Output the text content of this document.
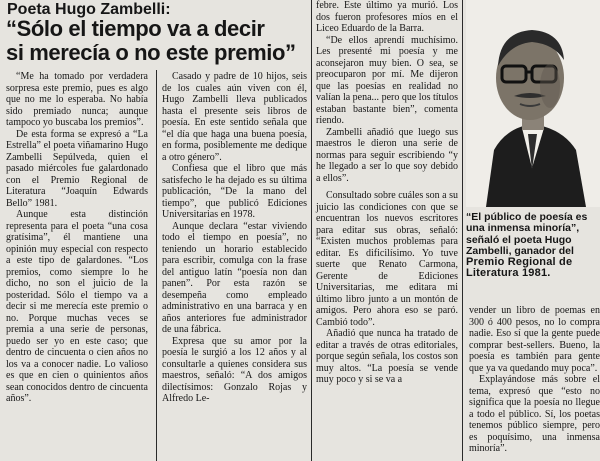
Poeta Hugo Zambelli:
“Sólo el tiempo va a decir
si merecía o no este premio”

“Me ha tomado por verdadera sorpresa este premio, pues es algo que no me lo esperaba. No había sido premiado nunca; aunque tampoco yo buscaba los premios”.

De esta forma se expresó a “La Estrella” el poeta viñamarino Hugo Zambelli Sepúlveda, quien el pasado miércoles fue galardonado con el Premio Regional de Literatura “Joaquín Edwards Bello” 1981.

Aunque esta distinción representa para el poeta “una cosa gratísima”, él mantiene una opinión muy especial con respecto a este tipo de galardones. “Los premios, como siempre lo he dicho, no son el juicio de la posteridad. Sólo el tiempo va a decir si me merecía este premio o no. Porque muchas veces se premia a una serie de personas, puedo ser yo en este caso; que dentro de cincuenta o cien años no los va a conocer nadie. Lo valioso es que en cien o quinientos años sean conocidos dentro de cincuenta años”.

Casado y padre de 10 hijos, seis de los cuales aún viven con él, Hugo Zambelli lleva publicados hasta el presente seis libros de poesía. En este sentido señala que “el día que haga una buena poesía, en forma, posiblemente me dedique a otro género”.

Confiesa que el libro que más satisfecho le ha dejado es su última publicación, “De la mano del tiempo”, que publicó Ediciones Universitarias en 1978.

Aunque declara “estar viviendo todo el tiempo en poesía”, no teniendo un horario establecido para escribir, comulga con la frase del antiguo latín “poesía non dan panen”. Por esta razón se desempeña como empleado administrativo en una barraca y en años anteriores fue administrador de una fábrica.

Expresa que su amor por la poesía le surgió a los 12 años y al consultarle a quienes considera sus maestros, señaló: “A dos amigos dilectísimos: Gonzalo Rojas y Alfredo Le-

febre. Este último ya murió. Los dos fueron profesores míos en el Liceo Eduardo de la Barra.

“De ellos aprendí muchísimo. Les presenté mi poesía y me aconsejaron muy bien. O sea, se preocuparon por mí. Me dijeron que las poesías en realidad no valían la pena... pero que los títulos estaban bastante bien”, comenta riendo.

Zambelli añadió que luego sus maestros le dieron una serie de normas para seguir escribiendo “y he llegado a ser lo que soy debido a ellos”.

Consultado sobre cuáles son a su juicio las condiciones con que se encuentran los nuevos escritores para editar sus obras, señaló: “Existen muchos problemas para editar. Es dificilísimo. Yo tuve suerte que Renato Carmona, Gerente de Ediciones Universitarias, me editara mi último libro junto a un montón de amigos. Pero ahora eso se paró. Cambió todo”.

Añadió que nunca ha tratado de editar a través de otras editoriales, porque según señala, los costos son muy altos. “La poesía se vende muy poco y si se va a

“El público de poesía es una inmensa minoría”,
señaló el poeta Hugo Zambelli, ganador del
Premio Regional de Literatura 1981.

vender un libro de poemas en 300 ó 400 pesos, no lo compra nadie. Eso sí que la gente puede comprar best-sellers. Bueno, la poesía es también para gente que ya va quedando muy poca”.

Explayándose más sobre el tema, expresó que “esto no significa que la poesía no llegue a todo el público. Sí, los poetas tenemos público siempre, pero es poquísimo, una inmensa minoría”.
